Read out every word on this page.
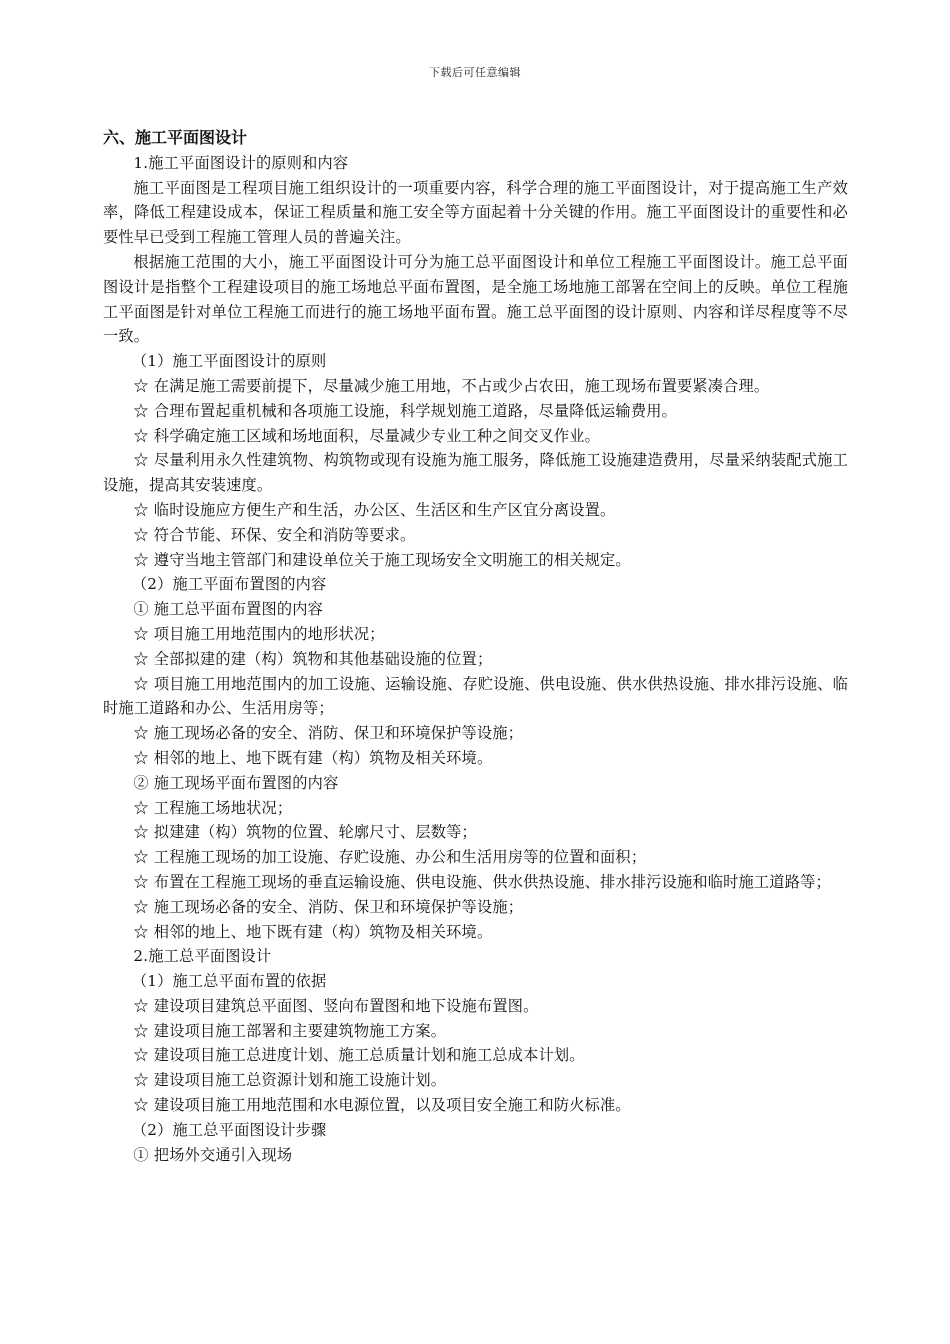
下载后可任意编辑

六、施工平面图设计

1.施工平面图设计的原则和内容

施工平面图是工程项目施工组织设计的一项重要内容，科学合理的施工平面图设计，对于提高施工生产效率，降低工程建设成本，保证工程质量和施工安全等方面起着十分关键的作用。施工平面图设计的重要性和必要性早已受到工程施工管理人员的普遍关注。

根据施工范围的大小，施工平面图设计可分为施工总平面图设计和单位工程施工平面图设计。施工总平面图设计是指整个工程建设项目的施工场地总平面布置图，是全施工场地施工部署在空间上的反映。单位工程施工平面图是针对单位工程施工而进行的施工场地平面布置。施工总平面图的设计原则、内容和详尽程度等不尽一致。

（1）施工平面图设计的原则

☆ 在满足施工需要前提下，尽量减少施工用地，不占或少占农田，施工现场布置要紧凑合理。

☆ 合理布置起重机械和各项施工设施，科学规划施工道路，尽量降低运输费用。

☆ 科学确定施工区域和场地面积，尽量减少专业工种之间交叉作业。

☆ 尽量利用永久性建筑物、构筑物或现有设施为施工服务，降低施工设施建造费用，尽量采纳装配式施工设施，提高其安装速度。

☆ 临时设施应方便生产和生活，办公区、生活区和生产区宜分离设置。

☆ 符合节能、环保、安全和消防等要求。

☆ 遵守当地主管部门和建设单位关于施工现场安全文明施工的相关规定。

（2）施工平面布置图的内容

① 施工总平面布置图的内容

☆ 项目施工用地范围内的地形状况；

☆ 全部拟建的建（构）筑物和其他基础设施的位置；

☆ 项目施工用地范围内的加工设施、运输设施、存贮设施、供电设施、供水供热设施、排水排污设施、临时施工道路和办公、生活用房等；

☆ 施工现场必备的安全、消防、保卫和环境保护等设施；

☆ 相邻的地上、地下既有建（构）筑物及相关环境。

② 施工现场平面布置图的内容

☆ 工程施工场地状况；

☆ 拟建建（构）筑物的位置、轮廓尺寸、层数等；

☆ 工程施工现场的加工设施、存贮设施、办公和生活用房等的位置和面积；

☆ 布置在工程施工现场的垂直运输设施、供电设施、供水供热设施、排水排污设施和临时施工道路等；

☆ 施工现场必备的安全、消防、保卫和环境保护等设施；

☆ 相邻的地上、地下既有建（构）筑物及相关环境。

2.施工总平面图设计

（1）施工总平面布置的依据

☆ 建设项目建筑总平面图、竖向布置图和地下设施布置图。

☆ 建设项目施工部署和主要建筑物施工方案。

☆ 建设项目施工总进度计划、施工总质量计划和施工总成本计划。

☆ 建设项目施工总资源计划和施工设施计划。

☆ 建设项目施工用地范围和水电源位置，以及项目安全施工和防火标准。

（2）施工总平面图设计步骤

① 把场外交通引入现场
